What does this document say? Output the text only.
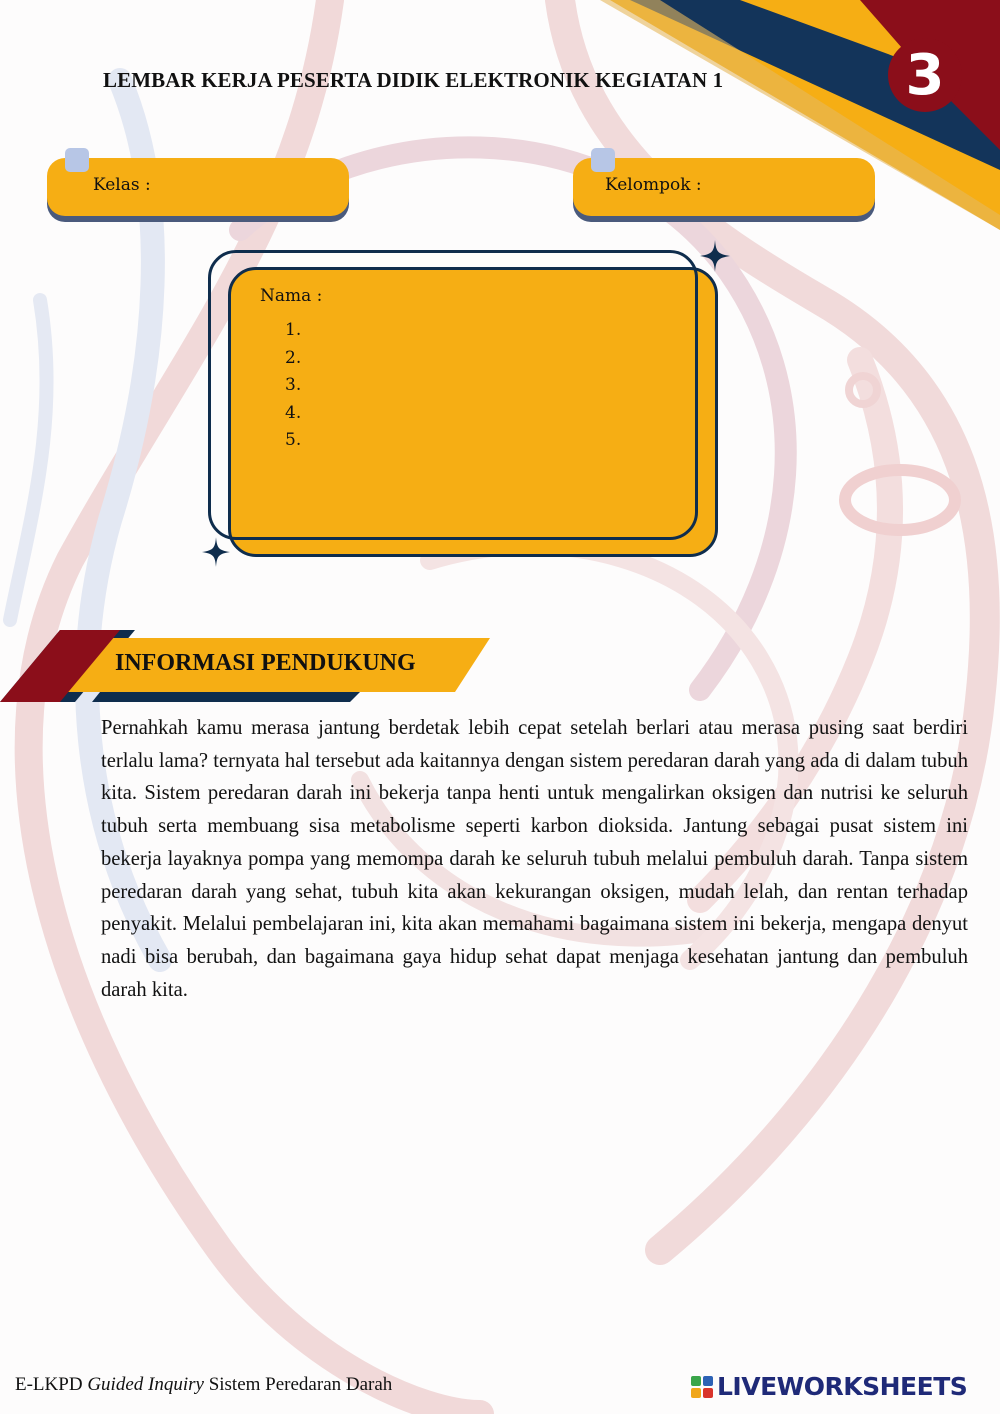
3
LEMBAR KERJA PESERTA DIDIK ELEKTRONIK KEGIATAN 1
Kelas :	Kelompok :
Nama :
1.
2.
3.
4.
5.
INFORMASI PENDUKUNG

Pernahkah kamu merasa jantung berdetak lebih cepat setelah berlari atau merasa pusing saat berdiri terlalu lama? ternyata hal tersebut ada kaitannya dengan sistem peredaran darah yang ada di dalam tubuh kita. Sistem peredaran darah ini bekerja tanpa henti untuk mengalirkan oksigen dan nutrisi ke seluruh tubuh serta membuang sisa metabolisme seperti karbon dioksida. Jantung sebagai pusat sistem ini bekerja layaknya pompa yang memompa darah ke seluruh tubuh melalui pembuluh darah. Tanpa sistem peredaran darah yang sehat, tubuh kita akan kekurangan oksigen, mudah lelah, dan rentan terhadap penyakit. Melalui pembelajaran ini, kita akan memahami bagaimana sistem ini bekerja, mengapa denyut nadi bisa berubah, dan bagaimana gaya hidup sehat dapat menjaga kesehatan jantung dan pembuluh darah kita.

E-LKPD Guided Inquiry Sistem Peredaran Darah	LIVEWORKSHEETS
